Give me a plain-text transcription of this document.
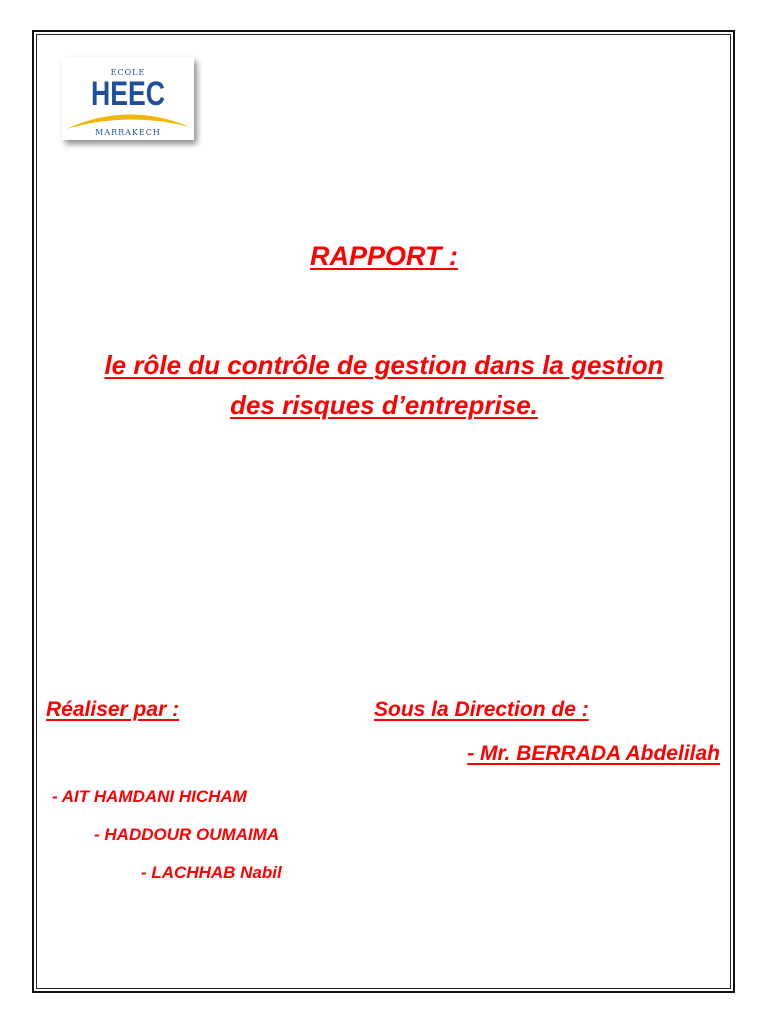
ECOLE
HEEC
MARRAKECH
RAPPORT :
le rôle du contrôle de gestion dans la gestion
des risques d’entreprise.
Réaliser par :	Sous la Direction de :
- Mr. BERRADA Abdelilah
- AIT HAMDANI HICHAM
- HADDOUR OUMAIMA
- LACHHAB Nabil
